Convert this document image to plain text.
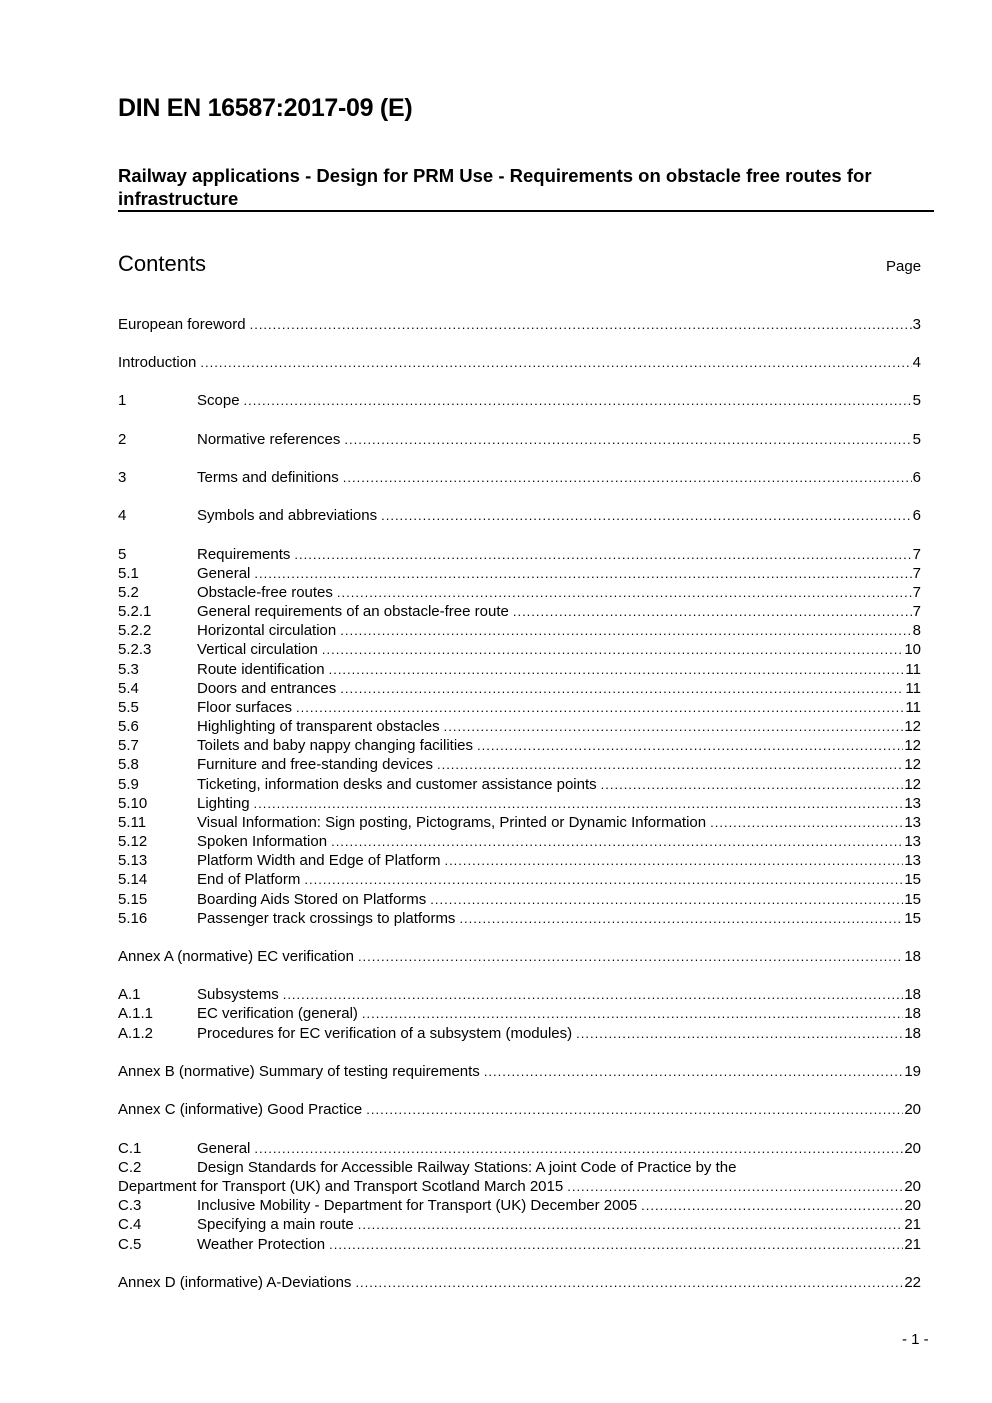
DIN EN 16587:2017-09 (E)
Railway applications - Design for PRM Use - Requirements on obstacle free routes for infrastructure
Contents	Page
European foreword .....	3
Introduction .....	4
1	Scope .....	5
2	Normative references .....	5
3	Terms and definitions .....	6
4	Symbols and abbreviations .....	6
5	Requirements .....	7
5.1	General .....	7
5.2	Obstacle-free routes .....	7
5.2.1	General requirements of an obstacle-free route .....	7
5.2.2	Horizontal circulation .....	8
5.2.3	Vertical circulation .....	10
5.3	Route identification .....	11
5.4	Doors and entrances .....	11
5.5	Floor surfaces .....	11
5.6	Highlighting of transparent obstacles .....	12
5.7	Toilets and baby nappy changing facilities .....	12
5.8	Furniture and free-standing devices .....	12
5.9	Ticketing, information desks and customer assistance points .....	12
5.10	Lighting .....	13
5.11	Visual Information: Sign posting, Pictograms, Printed or Dynamic Information .....	13
5.12	Spoken Information .....	13
5.13	Platform Width and Edge of Platform .....	13
5.14	End of Platform .....	15
5.15	Boarding Aids Stored on Platforms .....	15
5.16	Passenger track crossings to platforms .....	15
Annex A (normative) EC verification .....	18
A.1	Subsystems .....	18
A.1.1	EC verification (general) .....	18
A.1.2	Procedures for EC verification of a subsystem (modules) .....	18
Annex B (normative) Summary of testing requirements .....	19
Annex C (informative) Good Practice .....	20
C.1	General .....	20
C.2	Design Standards for Accessible Railway Stations: A joint Code of Practice by the
Department for Transport (UK) and Transport Scotland March 2015 .....	20
C.3	Inclusive Mobility - Department for Transport (UK) December 2005 .....	20
C.4	Specifying a main route .....	21
C.5	Weather Protection .....	21
Annex D (informative) A-Deviations .....	22
- 1 -
